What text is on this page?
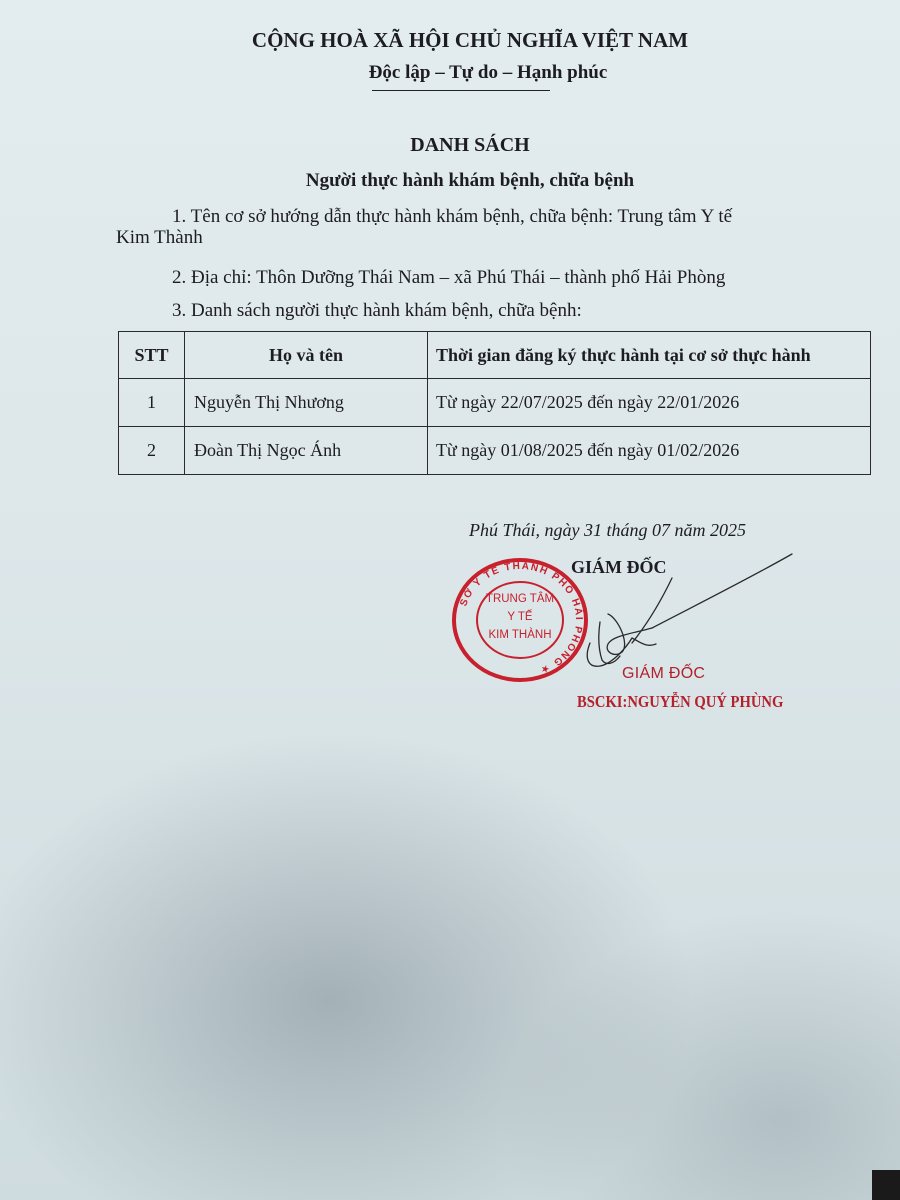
CỘNG HOÀ XÃ HỘI CHỦ NGHĨA VIỆT NAM
Độc lập – Tự do – Hạnh phúc
DANH SÁCH
Người thực hành khám bệnh, chữa bệnh
1. Tên cơ sở hướng dẫn thực hành khám bệnh, chữa bệnh: Trung tâm Y tế
Kim Thành
2. Địa chỉ: Thôn Dưỡng Thái Nam – xã Phú Thái – thành phố Hải Phòng
3. Danh sách người thực hành khám bệnh, chữa bệnh:
STT	Họ và tên	Thời gian đăng ký thực hành tại cơ sở thực hành
1	Nguyễn Thị Nhương	Từ ngày 22/07/2025 đến ngày 22/01/2026
2	Đoàn Thị Ngọc Ánh	Từ ngày 01/08/2025 đến ngày 01/02/2026
Phú Thái, ngày 31 tháng 07 năm 2025
GIÁM ĐỐC
SỞ Y TẾ THÀNH PHỐ HẢI PHÒNG ★
TRUNG TÂM
Y TẾ
KIM THÀNH
GIÁM ĐỐC
BSCKI:NGUYỄN QUÝ PHÙNG
